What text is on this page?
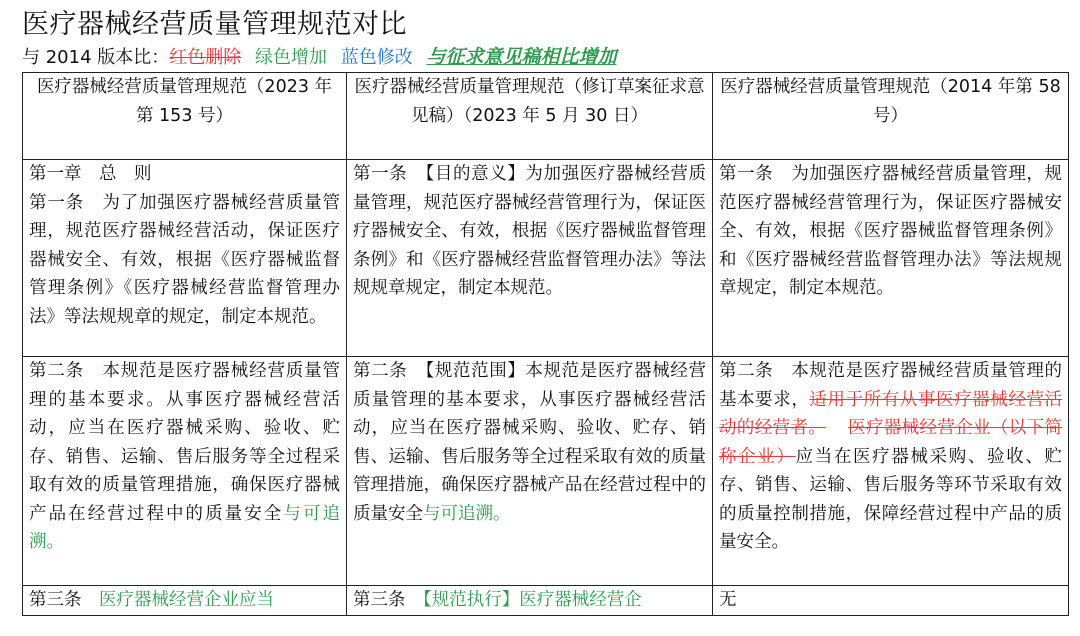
医疗器械经营质量管理规范对比
与 2014 版本比：红色删除 绿色增加 蓝色修改 与征求意见稿相比增加
医疗器械经营质量管理规范（2023 年第 153 号）	医疗器械经营质量管理规范（修订草案征求意见稿）（2023 年 5 月 30 日）	医疗器械经营质量管理规范（2014 年第 58 号）

第一章　总　则
第一条　为了加强医疗器械经营质量管理，规范医疗器械经营活动，保证医疗器械安全、有效，根据《医疗器械监督管理条例》《医疗器械经营监督管理办法》等法规规章的规定，制定本规范。	第一条　【目的意义】为加强医疗器械经营质量管理，规范医疗器械经营管理行为，保证医疗器械安全、有效，根据《医疗器械监督管理条例》和《医疗器械经营监督管理办法》等法规规章规定，制定本规范。	第一条　为加强医疗器械经营质量管理，规范医疗器械经营管理行为，保证医疗器械安全、有效，根据《医疗器械监督管理条例》和《医疗器械经营监督管理办法》等法规规章规定，制定本规范。
第二条　本规范是医疗器械经营质量管理的基本要求。从事医疗器械经营活动，应当在医疗器械采购、验收、贮存、销售、运输、售后服务等全过程采取有效的质量管理措施，确保医疗器械产品在经营过程中的质量安全与可追溯。	第二条　【规范范围】本规范是医疗器械经营质量管理的基本要求，从事医疗器械经营活动，应当在医疗器械采购、验收、贮存、销售、运输、售后服务等全过程采取有效的质量管理措施，确保医疗器械产品在经营过程中的质量安全与可追溯。	第二条　本规范是医疗器械经营质量管理的基本要求，适用于所有从事医疗器械经营活动的经营者。 医疗器械经营企业（以下简称企业）应当在医疗器械采购、验收、贮存、销售、运输、售后服务等环节采取有效的质量控制措施，保障经营过程中产品的质量安全。
第三条　医疗器械经营企业应当	第三条　【规范执行】医疗器械经营企	无
